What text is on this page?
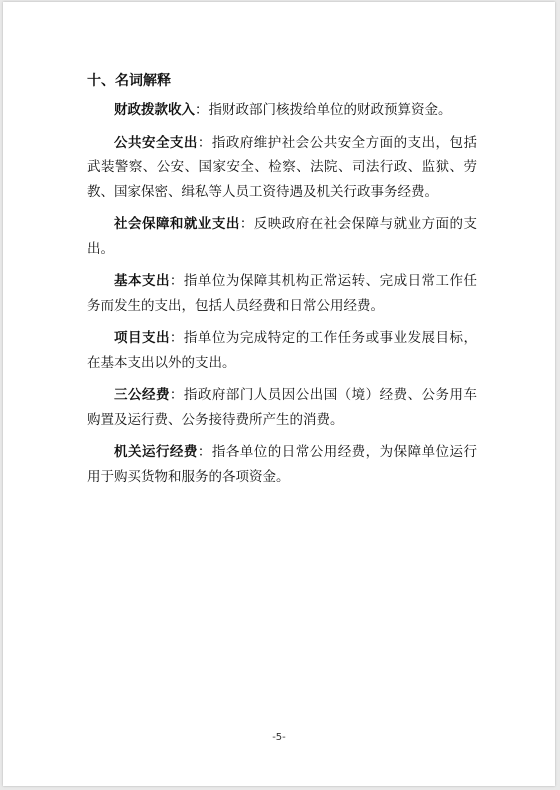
十、名词解释

财政拨款收入：指财政部门核拨给单位的财政预算资金。

公共安全支出：指政府维护社会公共安全方面的支出，包括武装警察、公安、国家安全、检察、法院、司法行政、监狱、劳教、国家保密、缉私等人员工资待遇及机关行政事务经费。

社会保障和就业支出：反映政府在社会保障与就业方面的支出。

基本支出：指单位为保障其机构正常运转、完成日常工作任务而发生的支出，包括人员经费和日常公用经费。

项目支出：指单位为完成特定的工作任务或事业发展目标，在基本支出以外的支出。

三公经费：指政府部门人员因公出国（境）经费、公务用车购置及运行费、公务接待费所产生的消费。

机关运行经费：指各单位的日常公用经费，为保障单位运行用于购买货物和服务的各项资金。

-5-
